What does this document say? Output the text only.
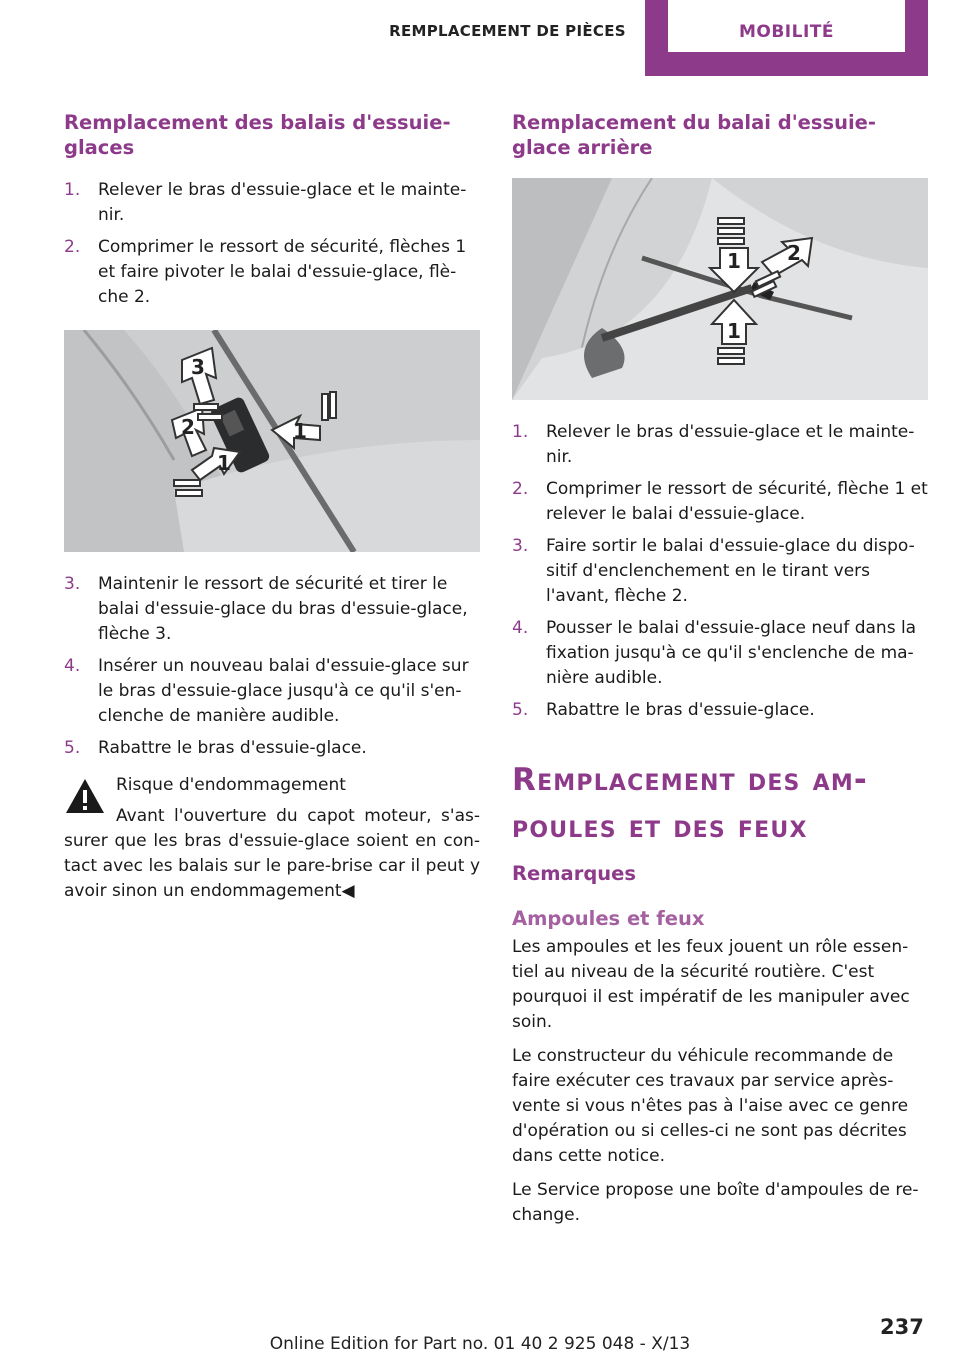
REMPLACEMENT DE PIÈCES	MOBILITÉ
Remplacement des balais d'essuie-glaces
1. Relever le bras d'essuie-glace et le mainte-nir.
2. Comprimer le ressort de sécurité, flèches 1 et faire pivoter le balai d'essuie-glace, flè-che 2.
3
2	1
1
3. Maintenir le ressort de sécurité et tirer le balai d'essuie-glace du bras d'essuie-glace, flèche 3.
4. Insérer un nouveau balai d'essuie-glace sur le bras d'essuie-glace jusqu'à ce qu'il s'en-clenche de manière audible.
5. Rabattre le bras d'essuie-glace.
Risque d'endommagement
Avant l'ouverture du capot moteur, s'as-surer que les bras d'essuie-glace soient en con-tact avec les balais sur le pare-brise car il peut y avoir sinon un endommagement◀
Remplacement du balai d'essuie-glace arrière
1 2
1
1. Relever le bras d'essuie-glace et le mainte-nir.
2. Comprimer le ressort de sécurité, flèche 1 et relever le balai d'essuie-glace.
3. Faire sortir le balai d'essuie-glace du dispo-sitif d'enclenchement en le tirant vers l'avant, flèche 2.
4. Pousser le balai d'essuie-glace neuf dans la fixation jusqu'à ce qu'il s'enclenche de ma-nière audible.
5. Rabattre le bras d'essuie-glace.
Remplacement des am-poules et des feux
Remarques
Ampoules et feux

Les ampoules et les feux jouent un rôle essen-tiel au niveau de la sécurité routière. C'est pourquoi il est impératif de les manipuler avec soin.

Le constructeur du véhicule recommande de faire exécuter ces travaux par service après-vente si vous n'êtes pas à l'aise avec ce genre d'opération ou si celles-ci ne sont pas décrites dans cette notice.

Le Service propose une boîte d'ampoules de re-change.

237
Online Edition for Part no. 01 40 2 925 048 - X/13
